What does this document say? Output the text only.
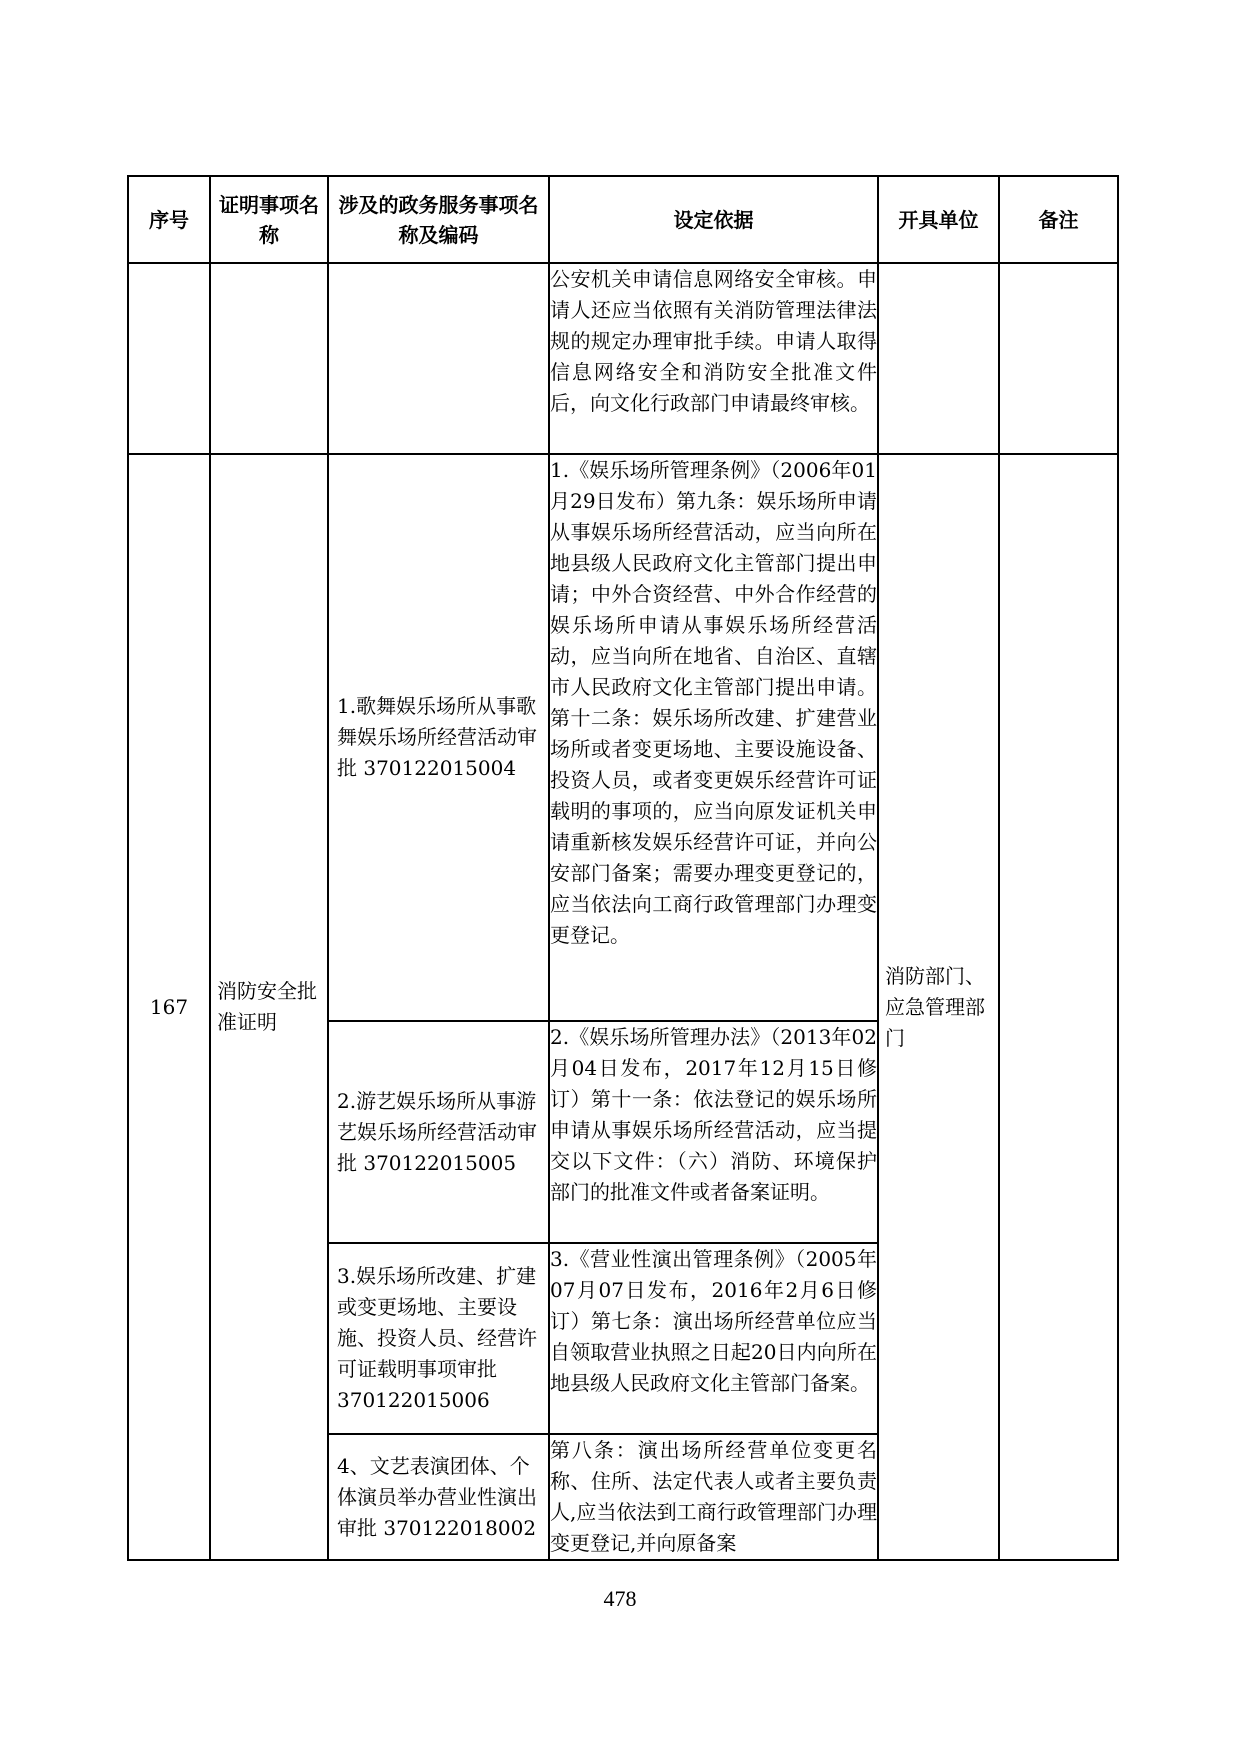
序号	证明事项名称	涉及的政务服务事项名称及编码	设定依据	开具单位	备注
			公安机关申请信息网络安全审核。申请人还应当依照有关消防管理法律法规的规定办理审批手续。申请人取得信息网络安全和消防安全批准文件后，向文化行政部门申请最终审核。		
167	消防安全批准证明	1.歌舞娱乐场所从事歌舞娱乐场所经营活动审批 370122015004	1.《娱乐场所管理条例》（2006年01月29日发布）第九条：娱乐场所申请从事娱乐场所经营活动，应当向所在地县级人民政府文化主管部门提出申请；中外合资经营、中外合作经营的娱乐场所申请从事娱乐场所经营活动，应当向所在地省、自治区、直辖市人民政府文化主管部门提出申请。第十二条：娱乐场所改建、扩建营业场所或者变更场地、主要设施设备、投资人员，或者变更娱乐经营许可证载明的事项的，应当向原发证机关申请重新核发娱乐经营许可证，并向公安部门备案；需要办理变更登记的，应当依法向工商行政管理部门办理变更登记。	消防部门、应急管理部门	
		2.游艺娱乐场所从事游艺娱乐场所经营活动审批 370122015005	2.《娱乐场所管理办法》（2013年02月04日发布，2017年12月15日修订）第十一条：依法登记的娱乐场所申请从事娱乐场所经营活动，应当提交以下文件：（六）消防、环境保护部门的批准文件或者备案证明。		
		3.娱乐场所改建、扩建或变更场地、主要设施、投资人员、经营许可证载明事项审批 370122015006	3.《营业性演出管理条例》（2005年07月07日发布，2016年2月6日修订）第七条：演出场所经营单位应当自领取营业执照之日起20日内向所在地县级人民政府文化主管部门备案。		
		4、文艺表演团体、个体演员举办营业性演出审批 370122018002	第八条：演出场所经营单位变更名称、住所、法定代表人或者主要负责人,应当依法到工商行政管理部门办理变更登记,并向原备案		
478
